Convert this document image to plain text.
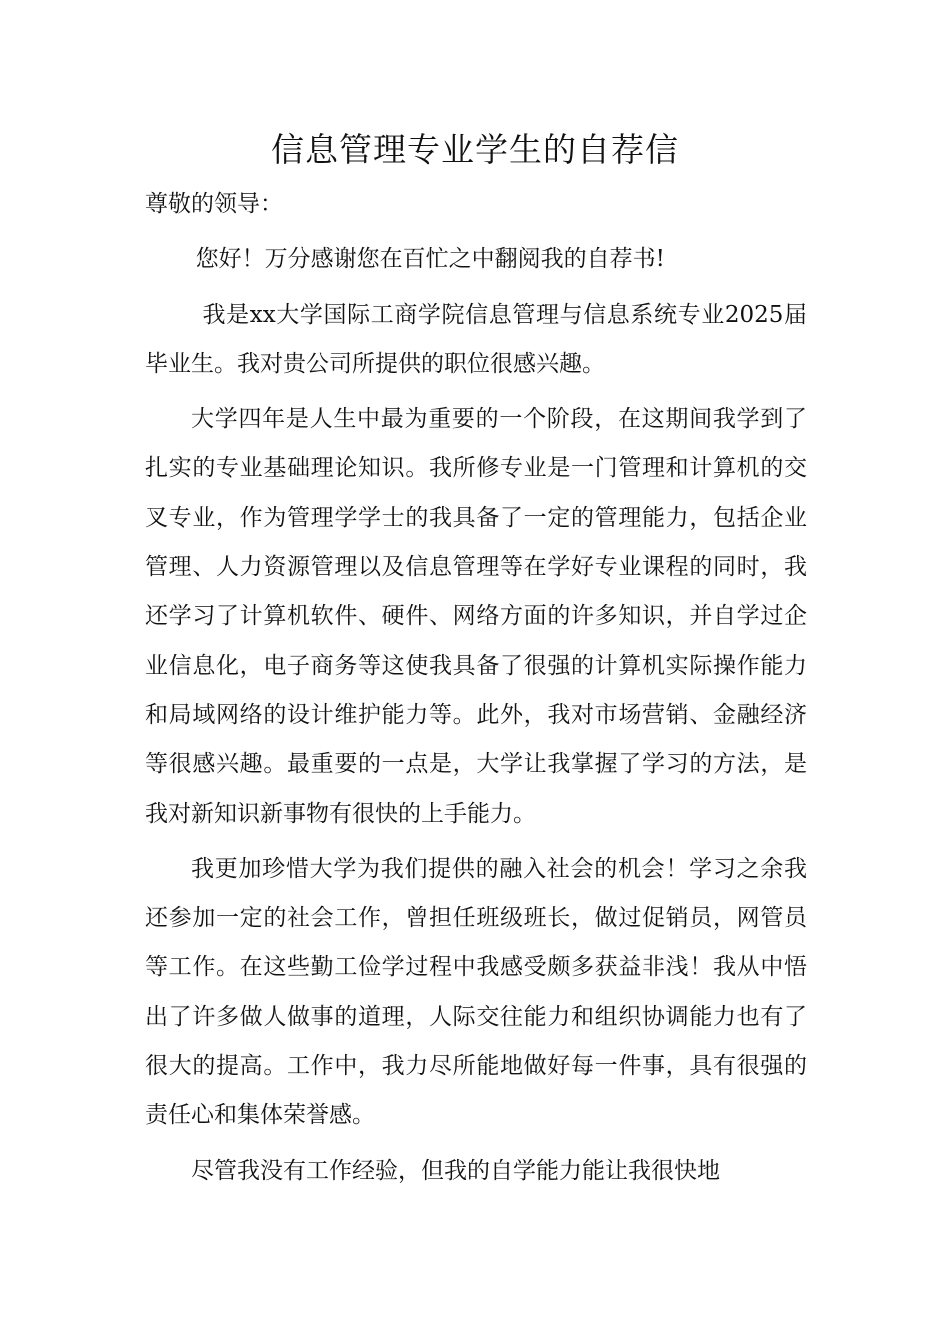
信息管理专业学生的自荐信

尊敬的领导：

您好！万分感谢您在百忙之中翻阅我的自荐书!

我是xx大学国际工商学院信息管理与信息系统专业2025届毕业生。我对贵公司所提供的职位很感兴趣。

大学四年是人生中最为重要的一个阶段，在这期间我学到了扎实的专业基础理论知识。我所修专业是一门管理和计算机的交叉专业，作为管理学学士的我具备了一定的管理能力，包括企业管理、人力资源管理以及信息管理等在学好专业课程的同时，我还学习了计算机软件、硬件、网络方面的许多知识，并自学过企业信息化，电子商务等这使我具备了很强的计算机实际操作能力和局域网络的设计维护能力等。此外，我对市场营销、金融经济等很感兴趣。最重要的一点是，大学让我掌握了学习的方法，是我对新知识新事物有很快的上手能力。

我更加珍惜大学为我们提供的融入社会的机会！学习之余我还参加一定的社会工作，曾担任班级班长，做过促销员，网管员等工作。在这些勤工俭学过程中我感受颇多获益非浅！我从中悟出了许多做人做事的道理，人际交往能力和组织协调能力也有了很大的提高。工作中，我力尽所能地做好每一件事，具有很强的责任心和集体荣誉感。

尽管我没有工作经验，但我的自学能力能让我很快地
